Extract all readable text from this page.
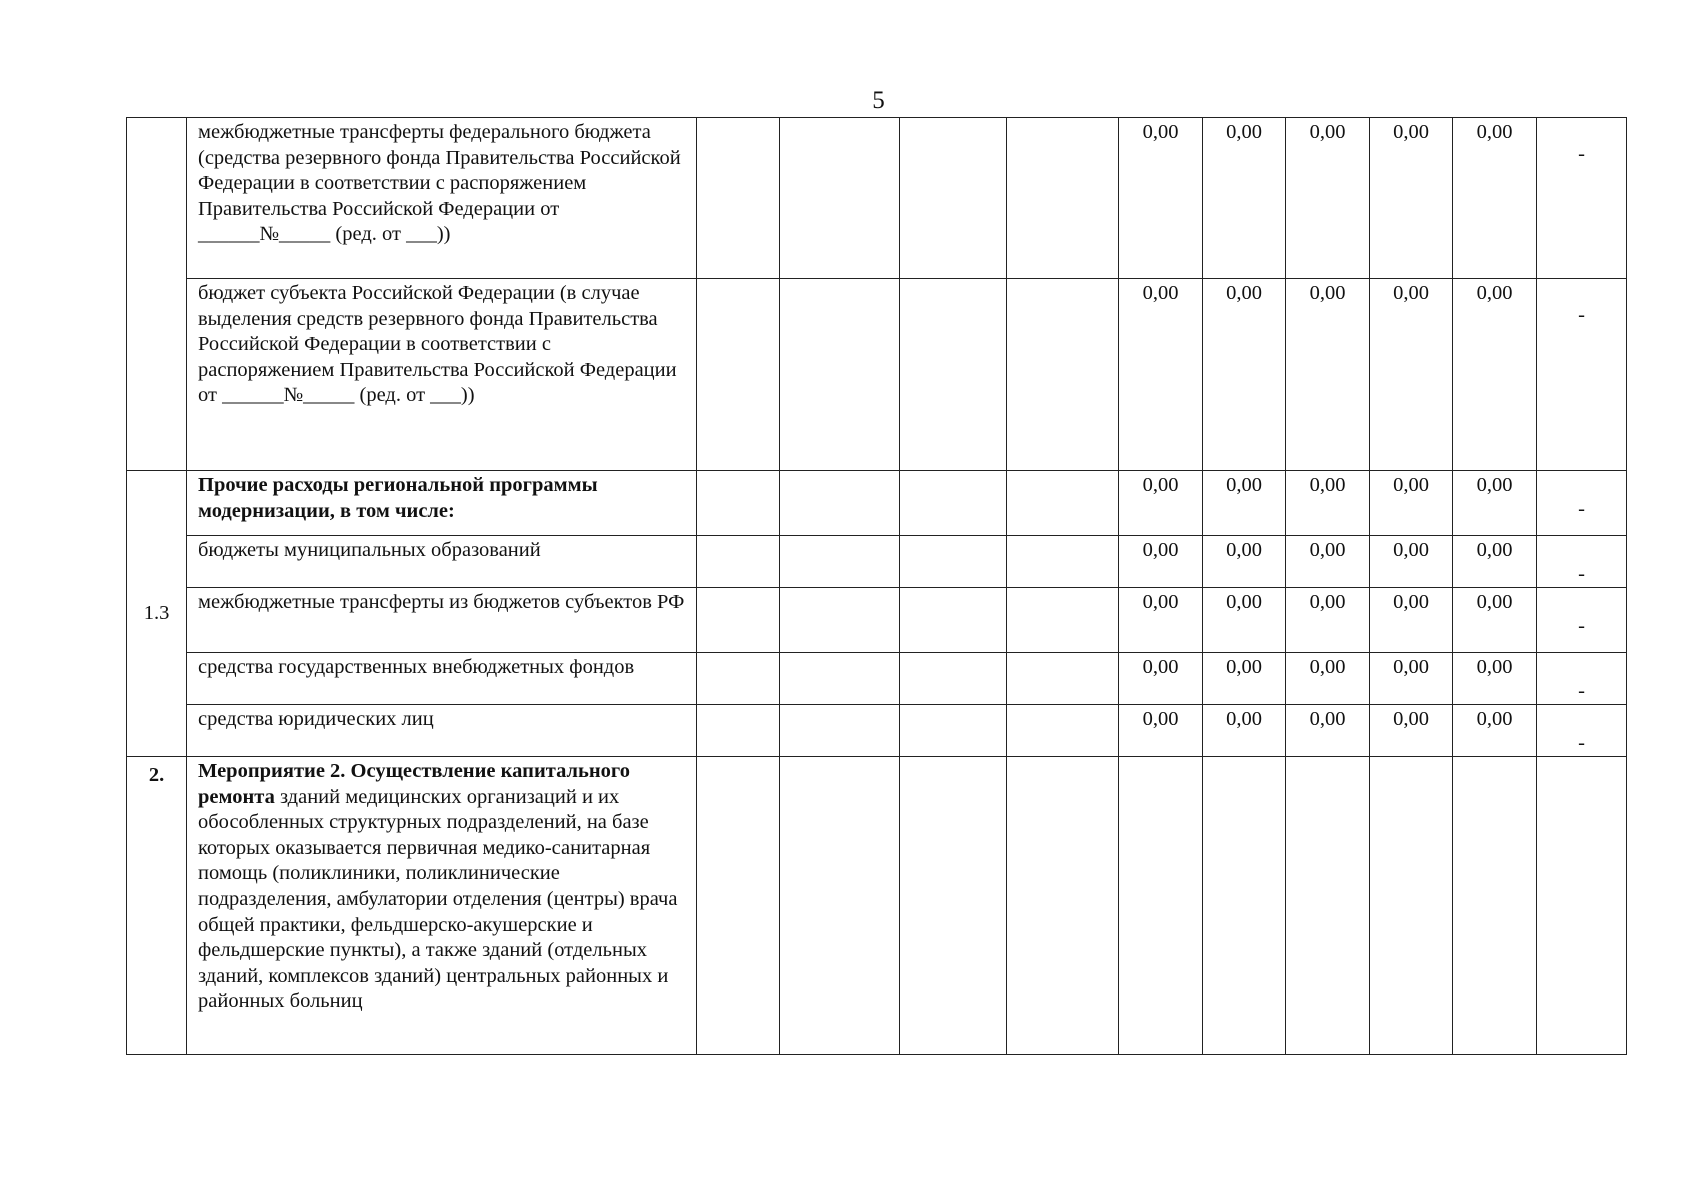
5
	межбюджетные трансферты федерального бюджета (средства резервного фонда Правительства Российской Федерации в соответствии с распоряжением Правительства Российской Федерации от ______№_____ (ред. от ___))					0,00	0,00	0,00	0,00	0,00	-

	бюджет субъекта Российской Федерации (в случае выделения средств резервного фонда Правительства Российской Федерации в соответствии с распоряжением Правительства Российской Федерации от ______№_____ (ред. от ___))					0,00	0,00	0,00	0,00	0,00	-

1.3	Прочие расходы региональной программы модернизации, в том числе:					0,00	0,00	0,00	0,00	0,00	-

	бюджеты муниципальных образований					0,00	0,00	0,00	0,00	0,00	-

	межбюджетные трансферты из бюджетов субъектов РФ					0,00	0,00	0,00	0,00	0,00	-

	средства государственных внебюджетных фондов					0,00	0,00	0,00	0,00	0,00	-

	средства юридических лиц					0,00	0,00	0,00	0,00	0,00	-

2.	Мероприятие 2. Осуществление капитального ремонта зданий медицинских организаций и их обособленных структурных подразделений, на базе которых оказывается первичная медико-санитарная помощь (поликлиники, поликлинические подразделения, амбулатории отделения (центры) врача общей практики, фельдшерско-акушерские и фельдшерские пункты), а также зданий (отдельных зданий, комплексов зданий) центральных районных и районных больниц										
